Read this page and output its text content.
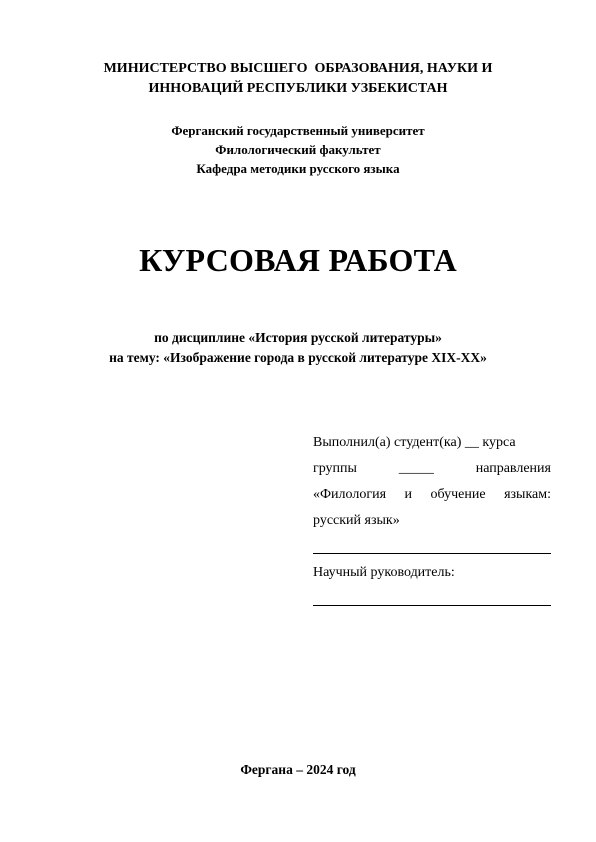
МИНИСТЕРСТВО ВЫСШЕГО  ОБРАЗОВАНИЯ, НАУКИ И
ИННОВАЦИЙ РЕСПУБЛИКИ УЗБЕКИСТАН
Ферганский государственный университет
Филологический факультет
Кафедра методики русского языка
КУРСОВАЯ РАБОТА
по дисциплине «История русской литературы»
на тему: «Изображение города в русской литературе XIX-XX»
Выполнил(а) студент(ка) __ курса
группы	_____	направления
«Филология и обучение языкам:
русский язык»
Научный руководитель:
Фергана – 2024 год
